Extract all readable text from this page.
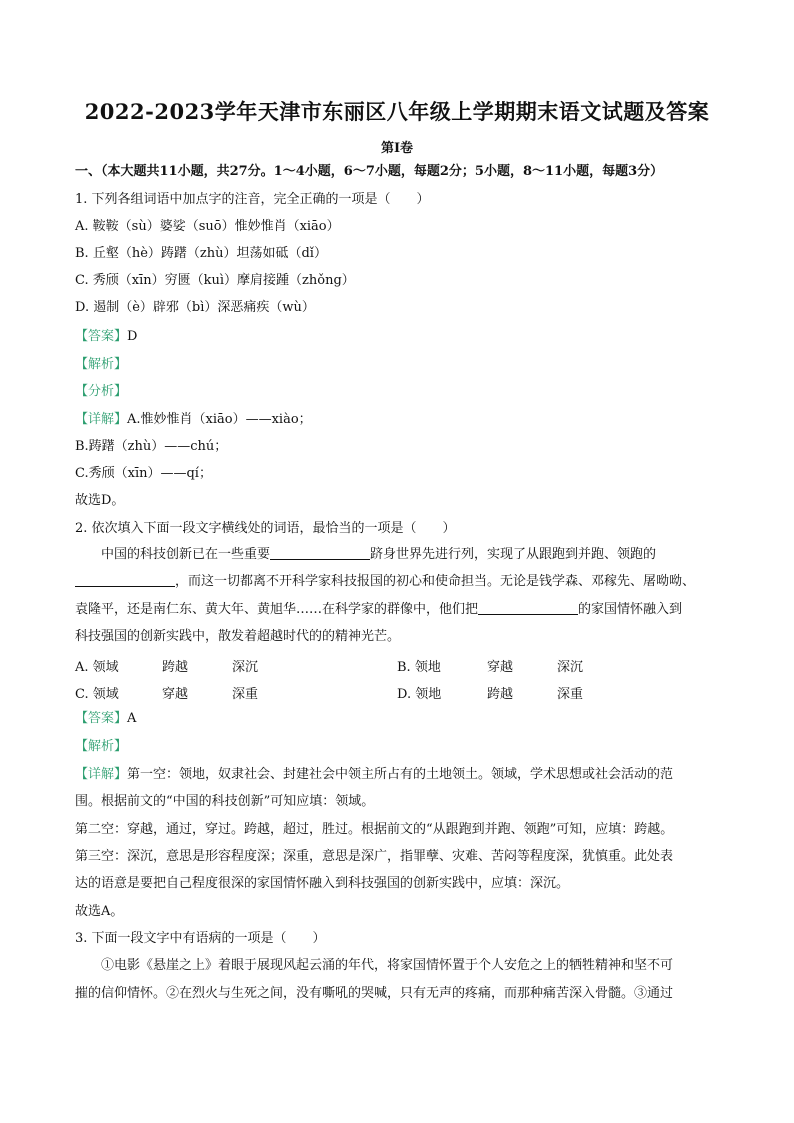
2022-2023学年天津市东丽区八年级上学期期末语文试题及答案
第I卷
一、（本大题共11小题，共27分。1～4小题，6～7小题，每题2分；5小题，8～11小题，每题3分）
1. 下列各组词语中加点字的注音，完全正确的一项是（　　）
A. 鞍鞍（sù）婆娑（suō）惟妙惟肖（xiāo）
B. 丘壑（hè）踌躇（zhù）坦荡如砥（dǐ）
C. 秀颀（xīn）穷匮（kuì）摩肩接踵（zhǒng）
D. 遏制（è）辟邪（bì）深恶痛疾（wù）
【答案】D
【解析】
【分析】
【详解】A.惟妙惟肖（xiāo）——xiào；
B.踌躇（zhù）——chú；
C.秀颀（xīn）——qí；
故选D。
2. 依次填入下面一段文字横线处的词语，最恰当的一项是（　　）
中国的科技创新已在一些重要	跻身世界先进行列，实现了从跟跑到并跑、领跑的
，而这一切都离不开科学家科技报国的初心和使命担当。无论是钱学森、邓稼先、屠呦呦、
袁隆平，还是南仁东、黄大年、黄旭华……在科学家的群像中，他们把	的家国情怀融入到
科技强国的创新实践中，散发着超越时代的的精神光芒。
A. 领域	跨越	深沉	B. 领地	穿越	深沉
C. 领域	穿越	深重	D. 领地	跨越	深重
【答案】A
【解析】
【详解】第一空：领地，奴隶社会、封建社会中领主所占有的土地领土。领域，学术思想或社会活动的范
围。根据前文的“中国的科技创新”可知应填：领域。
第二空：穿越，通过，穿过。跨越，超过，胜过。根据前文的“从跟跑到并跑、领跑”可知，应填：跨越。
第三空：深沉，意思是形容程度深；深重，意思是深广，指罪孽、灾难、苦闷等程度深，犹慎重。此处表
达的语意是要把自己程度很深的家国情怀融入到科技强国的创新实践中，应填：深沉。
故选A。
3. 下面一段文字中有语病的一项是（　　）
①电影《悬崖之上》着眼于展现风起云涌的年代，将家国情怀置于个人安危之上的牺牲精神和坚不可
摧的信仰情怀。②在烈火与生死之间，没有嘶吼的哭喊，只有无声的疼痛，而那种痛苦深入骨髓。③通过
